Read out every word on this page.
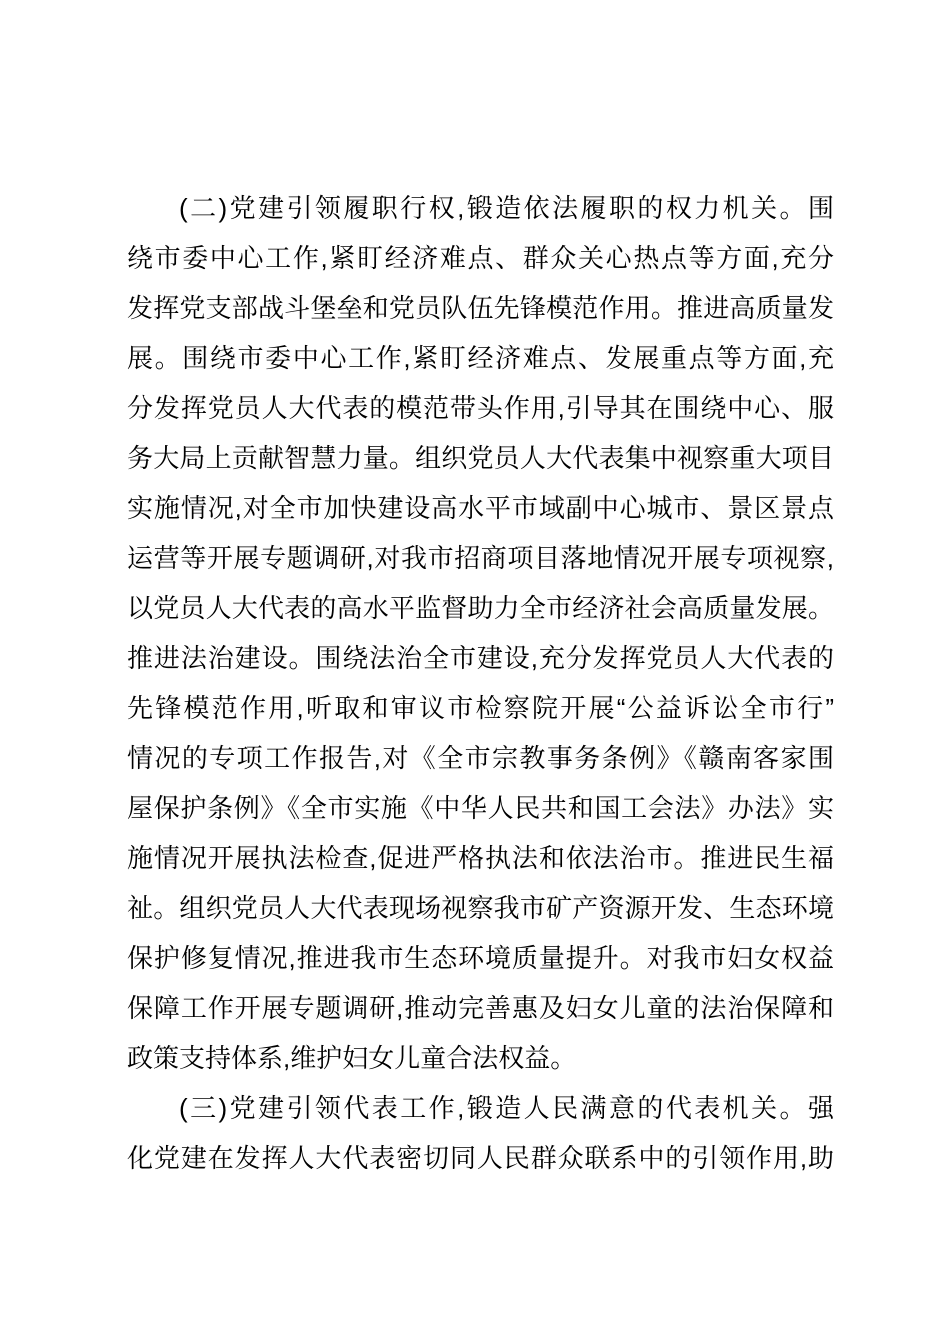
(二)党建引领履职行权,锻造依法履职的权力机关。围

绕市委中心工作,紧盯经济难点、群众关心热点等方面,充分

发挥党支部战斗堡垒和党员队伍先锋模范作用。推进高质量发

展。围绕市委中心工作,紧盯经济难点、发展重点等方面,充

分发挥党员人大代表的模范带头作用,引导其在围绕中心、服

务大局上贡献智慧力量。组织党员人大代表集中视察重大项目

实施情况,对全市加快建设高水平市域副中心城市、景区景点

运营等开展专题调研,对我市招商项目落地情况开展专项视察,

以党员人大代表的高水平监督助力全市经济社会高质量发展。

推进法治建设。围绕法治全市建设,充分发挥党员人大代表的

先锋模范作用,听取和审议市检察院开展“公益诉讼全市行”

情况的专项工作报告,对《全市宗教事务条例》《赣南客家围

屋保护条例》《全市实施《中华人民共和国工会法》办法》实

施情况开展执法检查,促进严格执法和依法治市。推进民生福

祉。组织党员人大代表现场视察我市矿产资源开发、生态环境

保护修复情况,推进我市生态环境质量提升。对我市妇女权益

保障工作开展专题调研,推动完善惠及妇女儿童的法治保障和

政策支持体系,维护妇女儿童合法权益。

(三)党建引领代表工作,锻造人民满意的代表机关。强

化党建在发挥人大代表密切同人民群众联系中的引领作用,助
